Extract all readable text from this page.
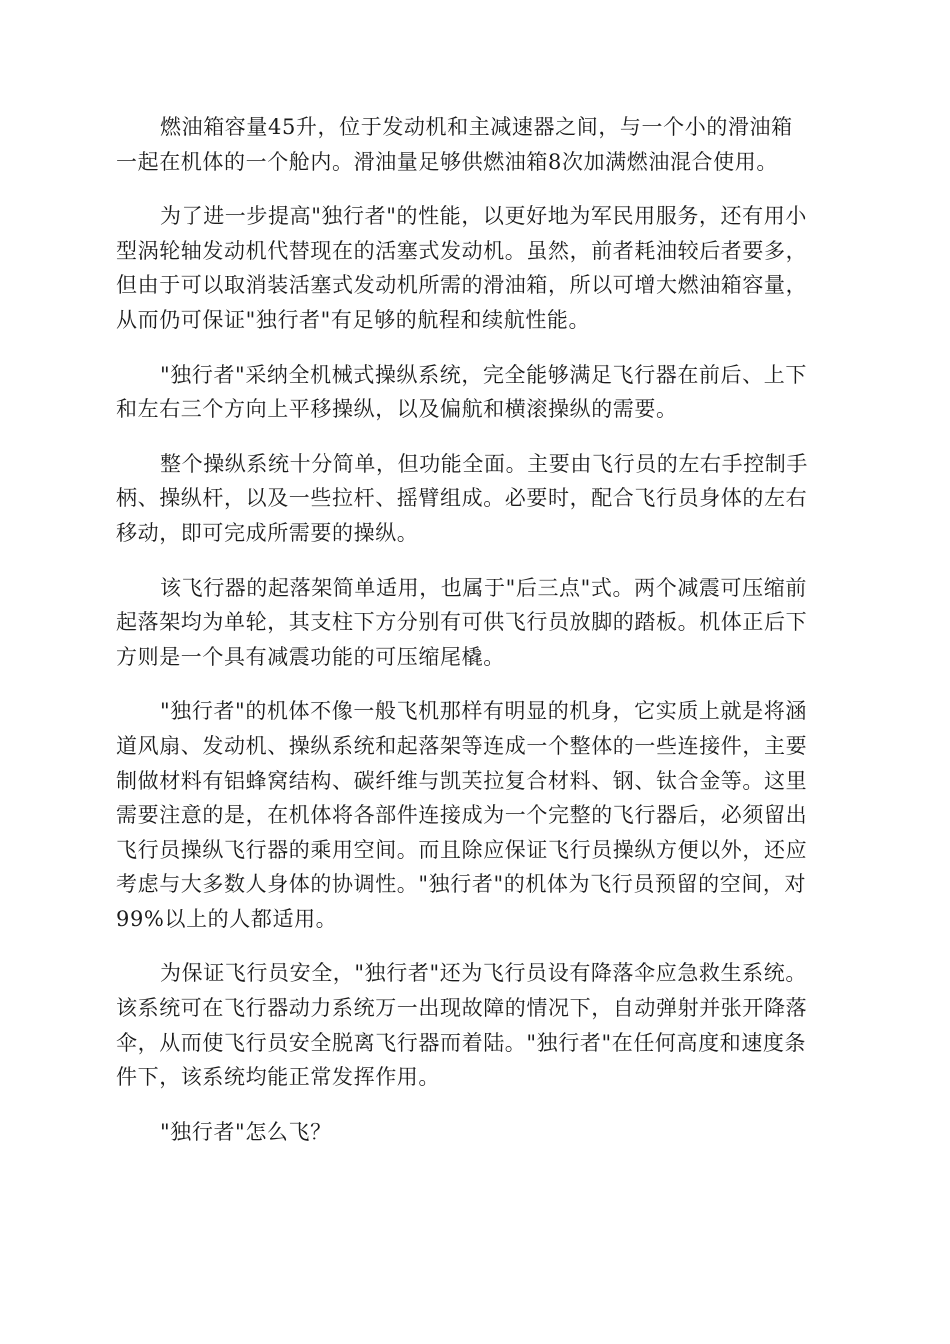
燃油箱容量45升，位于发动机和主减速器之间，与一个小的滑油箱
一起在机体的一个舱内。滑油量足够供燃油箱8次加满燃油混合使用。

为了进一步提高"独行者"的性能，以更好地为军民用服务，还有用小
型涡轮轴发动机代替现在的活塞式发动机。虽然，前者耗油较后者要多，
但由于可以取消装活塞式发动机所需的滑油箱，所以可增大燃油箱容量，
从而仍可保证"独行者"有足够的航程和续航性能。

"独行者"采纳全机械式操纵系统，完全能够满足飞行器在前后、上下
和左右三个方向上平移操纵，以及偏航和横滚操纵的需要。

整个操纵系统十分简单，但功能全面。主要由飞行员的左右手控制手
柄、操纵杆，以及一些拉杆、摇臂组成。必要时，配合飞行员身体的左右
移动，即可完成所需要的操纵。

该飞行器的起落架简单适用，也属于"后三点"式。两个减震可压缩前
起落架均为单轮，其支柱下方分别有可供飞行员放脚的踏板。机体正后下
方则是一个具有减震功能的可压缩尾橇。

"独行者"的机体不像一般飞机那样有明显的机身，它实质上就是将涵
道风扇、发动机、操纵系统和起落架等连成一个整体的一些连接件，主要
制做材料有铝蜂窝结构、碳纤维与凯芙拉复合材料、钢、钛合金等。这里
需要注意的是，在机体将各部件连接成为一个完整的飞行器后，必须留出
飞行员操纵飞行器的乘用空间。而且除应保证飞行员操纵方便以外，还应
考虑与大多数人身体的协调性。"独行者"的机体为飞行员预留的空间，对
99%以上的人都适用。

为保证飞行员安全，"独行者"还为飞行员设有降落伞应急救生系统。
该系统可在飞行器动力系统万一出现故障的情况下，自动弹射并张开降落
伞，从而使飞行员安全脱离飞行器而着陆。"独行者"在任何高度和速度条
件下，该系统均能正常发挥作用。

"独行者"怎么飞？
